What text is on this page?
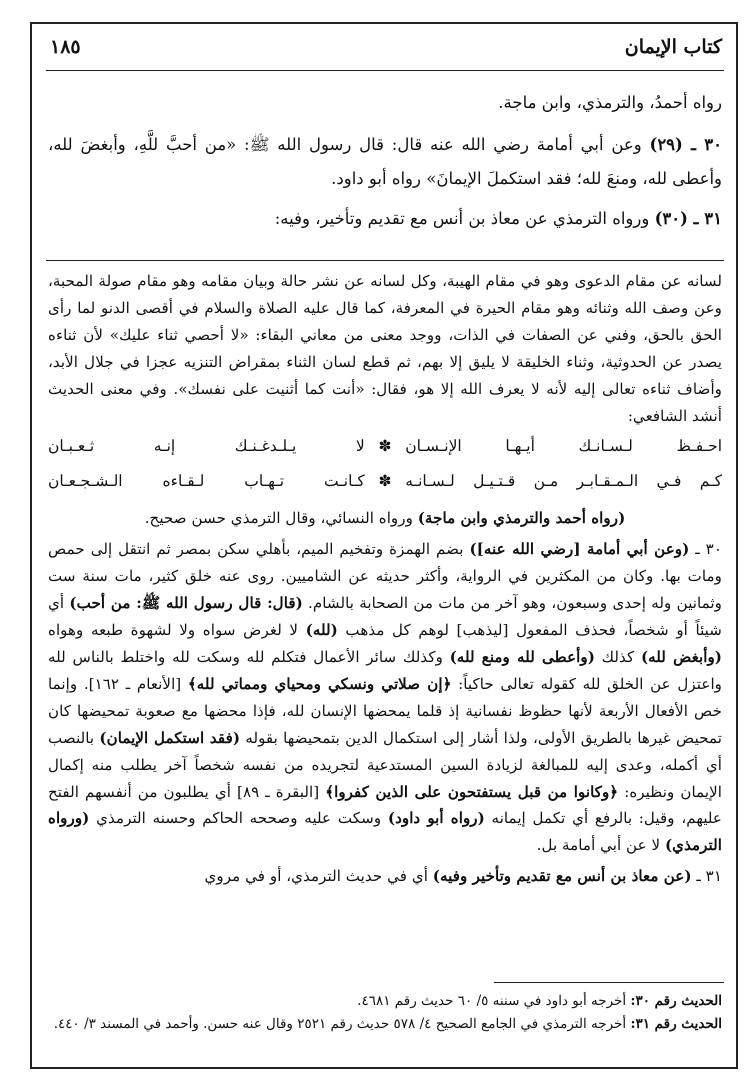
كتاب الإيمان
١٨٥

رواه أحمدُ، والترمذي، وابن ماجة.

٣٠ ـ (٢٩) وعن أبي أمامة رضي الله عنه قال: قال رسول الله ﷺ: «من أحبَّ للَّهِ، وأبغضَ لله، وأعطى لله، ومنعَ لله؛ فقد استكملَ الإيمانَ» رواه أبو داود.

٣١ ـ (٣٠) ورواه الترمذي عن معاذ بن أنس مع تقديم وتأخير، وفيه:

لسانه عن مقام الدعوى وهو في مقام الهيبة، وكل لسانه عن نشر حالة وبيان مقامه وهو مقام صولة المحبة، وعن وصف الله وثنائه وهو مقام الحيرة في المعرفة، كما قال عليه الصلاة والسلام في أقصى الدنو لما رأى الحق بالحق، وفني عن الصفات في الذات، ووجد معنى من معاني البقاء: «لا أحصي ثناء عليك» لأن ثناءه يصدر عن الحدوثية، وثناء الخليقة لا يليق إلا بهم، ثم قطع لسان الثناء بمقراض التنزيه عجزا في جلال الأبد، وأضاف ثناءه تعالى إليه لأنه لا يعرف الله إلا هو، فقال: «أنت كما أثنيت على نفسك». وفي معنى الحديث أنشد الشافعي:

احـفـظ لـسـانـك أيـهـا الإنـسـان
✽
لا يـلـدغـنـك إنـه ثـعـبـان
كـم فـي الـمـقـابـر مـن قـتـيـل لـسـانـه
✽
كـانـت تـهـاب لـقـاءه الـشـجـعـان

(رواه أحمد والترمذي وابن ماجة) ورواه النسائي، وقال الترمذي حسن صحيح.

٣٠ ـ (وعن أبي أمامة [رضي الله عنه]) بضم الهمزة وتفخيم الميم، بأهلي سكن بمصر ثم انتقل إلى حمص ومات بها. وكان من المكثرين في الرواية، وأكثر حديثه عن الشاميين. روى عنه خلق كثير، مات سنة ست وثمانين وله إحدى وسبعون، وهو آخر من مات من الصحابة بالشام. (قال: قال رسول الله ﷺ: من أحب) أي شيئاً أو شخصاً، فحذف المفعول [ليذهب] لوهم كل مذهب (لله) لا لغرض سواه ولا لشهوة طبعه وهواه (وأبغض لله) كذلك (وأعطى لله ومنع لله) وكذلك سائر الأعمال فتكلم لله وسكت لله واختلط بالناس لله واعتزل عن الخلق لله كقوله تعالى حاكياً: ﴿إن صلاتي ونسكي ومحياي ومماتي لله﴾ [الأنعام ـ ١٦٢]. وإنما خص الأفعال الأربعة لأنها حظوظ نفسانية إذ قلما يمحضها الإنسان لله، فإذا محضها مع صعوبة تمحيضها كان تمحيض غيرها بالطريق الأولى، ولذا أشار إلى استكمال الدين بتمحيضها بقوله (فقد استكمل الإيمان) بالنصب أي أكمله، وعدى إليه للمبالغة لزيادة السين المستدعية لتجريده من نفسه شخصاً آخر يطلب منه إكمال الإيمان ونظيره: ﴿وكانوا من قبل يستفتحون على الذين كفروا﴾ [البقرة ـ ٨٩] أي يطلبون من أنفسهم الفتح عليهم، وقيل: بالرفع أي تكمل إيمانه (رواه أبو داود) وسكت عليه وصححه الحاكم وحسنه الترمذي (ورواه الترمذي) لا عن أبي أمامة بل.

٣١ ـ (عن معاذ بن أنس مع تقديم وتأخير وفيه) أي في حديث الترمذي، أو في مروي

الحديث رقم ٣٠: أخرجه أبو داود في سننه ٥/ ٦٠ حديث رقم ٤٦٨١.

الحديث رقم ٣١: أخرجه الترمذي في الجامع الصحيح ٤/ ٥٧٨ حديث رقم ٢٥٢١ وقال عنه حسن. وأحمد في المسند ٣/ ٤٤٠.
